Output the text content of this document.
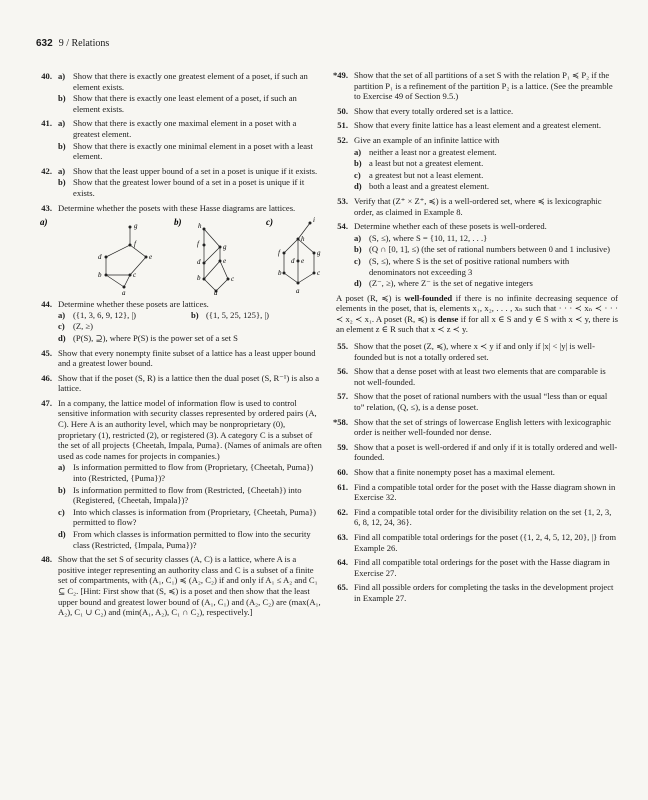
632 9 / Relations
40. a) Show that there is exactly one greatest element of a poset, if such an element exists.
b) Show that there is exactly one least element of a poset, if such an element exists.
41. a) Show that there is exactly one maximal element in a poset with a greatest element.
b) Show that there is exactly one minimal element in a poset with a least element.
42. a) Show that the least upper bound of a set in a poset is unique if it exists.
b) Show that the greatest lower bound of a set in a poset is unique if it exists.
43. Determine whether the posets with these Hasse diagrams are lattices.
a)	b)	c)
g
f
d	e
b	c
a
h
f	g
d	e
b	c
a
i
h
f	g
d e
b	c
a
44. Determine whether these posets are lattices.
a) ({1, 3, 6, 9, 12}, |)	b) ({1, 5, 25, 125}, |)
c) (Z, ≥)
d) (P(S), ⊇), where P(S) is the power set of a set S
45. Show that every nonempty finite subset of a lattice has a least upper bound and a greatest lower bound.
46. Show that if the poset (S, R) is a lattice then the dual poset (S, R⁻¹) is also a lattice.
47. In a company, the lattice model of information flow is used to control sensitive information with security classes represented by ordered pairs (A, C). Here A is an authority level, which may be nonproprietary (0), proprietary (1), restricted (2), or registered (3). A category C is a subset of the set of all projects {Cheetah, Impala, Puma}. (Names of animals are often used as code names for projects in companies.)
a) Is information permitted to flow from (Proprietary, {Cheetah, Puma}) into (Restricted, {Puma})?
b) Is information permitted to flow from (Restricted, {Cheetah}) into (Registered, {Cheetah, Impala})?
c) Into which classes is information from (Proprietary, {Cheetah, Puma}) permitted to flow?
d) From which classes is information permitted to flow into the security class (Restricted, {Impala, Puma})?
48. Show that the set S of security classes (A, C) is a lattice, where A is a positive integer representing an authority class and C is a subset of a finite set of compartments, with (A₁, C₁) ≼ (A₂, C₂) if and only if A₁ ≤ A₂ and C₁ ⊆ C₂. [Hint: First show that (S, ≼) is a poset and then show that the least upper bound and greatest lower bound of (A₁, C₁) and (A₂, C₂) are (max(A₁, A₂), C₁ ∪ C₂) and (min(A₁, A₂), C₁ ∩ C₂), respectively.]
*49. Show that the set of all partitions of a set S with the relation P₁ ≼ P₂ if the partition P₁ is a refinement of the partition P₂ is a lattice. (See the preamble to Exercise 49 of Section 9.5.)
50. Show that every totally ordered set is a lattice.
51. Show that every finite lattice has a least element and a greatest element.
52. Give an example of an infinite lattice with
a) neither a least nor a greatest element.
b) a least but not a greatest element.
c) a greatest but not a least element.
d) both a least and a greatest element.
53. Verify that (Z⁺ × Z⁺, ≼) is a well-ordered set, where ≼ is lexicographic order, as claimed in Example 8.
54. Determine whether each of these posets is well-ordered.
a) (S, ≤), where S = {10, 11, 12, . . .}
b) (Q ∩ [0, 1], ≤) (the set of rational numbers between 0 and 1 inclusive)
c) (S, ≤), where S is the set of positive rational numbers with denominators not exceeding 3
d) (Z⁻, ≥), where Z⁻ is the set of negative integers
A poset (R, ≼) is well-founded if there is no infinite decreasing sequence of elements in the poset, that is, elements x₁, x₂, . . . , xₙ such that · · · ≺ xₙ ≺ · · · ≺ x₂ ≺ x₁. A poset (R, ≼) is dense if for all x ∈ S and y ∈ S with x ≺ y, there is an element z ∈ R such that x ≺ z ≺ y.
55. Show that the poset (Z, ≼), where x ≺ y if and only if |x| < |y| is well-founded but is not a totally ordered set.
56. Show that a dense poset with at least two elements that are comparable is not well-founded.
57. Show that the poset of rational numbers with the usual “less than or equal to” relation, (Q, ≤), is a dense poset.
*58. Show that the set of strings of lowercase English letters with lexicographic order is neither well-founded nor dense.
59. Show that a poset is well-ordered if and only if it is totally ordered and well-founded.
60. Show that a finite nonempty poset has a maximal element.
61. Find a compatible total order for the poset with the Hasse diagram shown in Exercise 32.
62. Find a compatible total order for the divisibility relation on the set {1, 2, 3, 6, 8, 12, 24, 36}.
63. Find all compatible total orderings for the poset ({1, 2, 4, 5, 12, 20}, |} from Example 26.
64. Find all compatible total orderings for the poset with the Hasse diagram in Exercise 27.
65. Find all possible orders for completing the tasks in the development project in Example 27.
